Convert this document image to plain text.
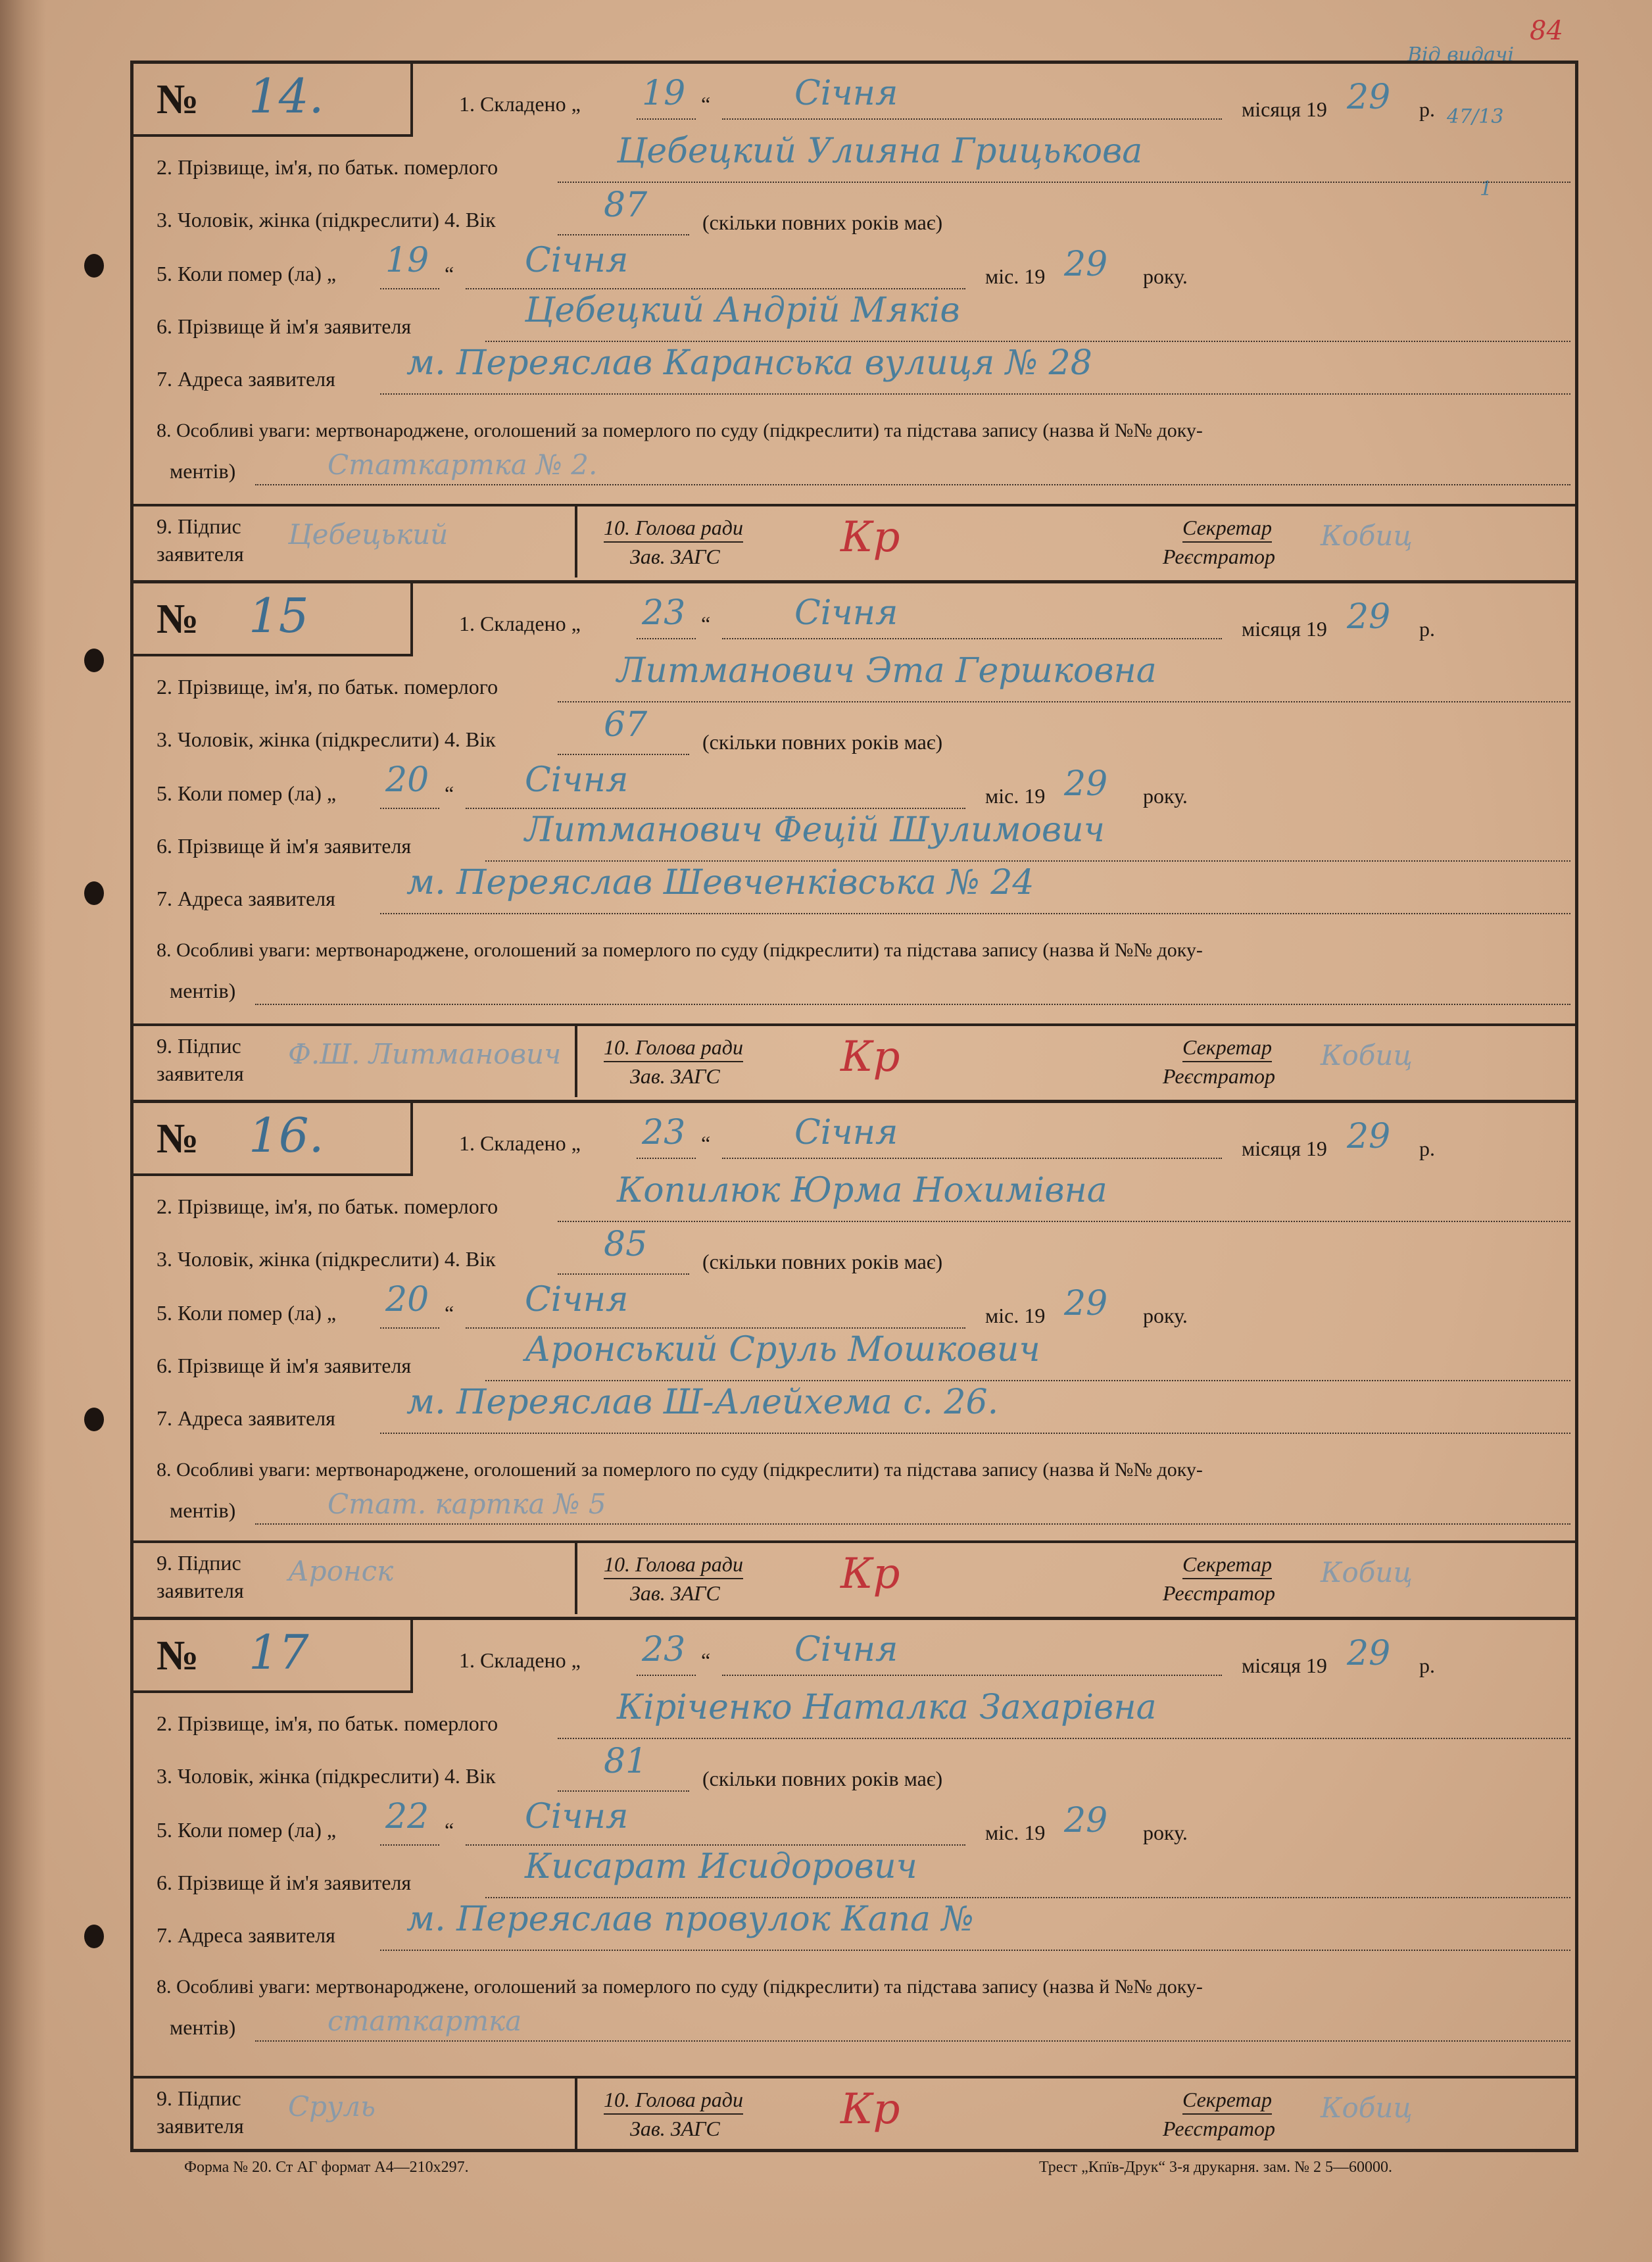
84
Від видачі
47/13
1
№ 14.	1. Складено „ 19 “ Січня	місяця 19 29 р.
2. Прізвище, ім'я, по батьк. померлого	Цебецкий Улияна Грицькова
3. Чоловік, жінка (підкреслити) 4. Вік	87	(скільки повних років має)
5. Коли помер (ла) „ 19 “ Січня	міс. 19 29 року.
6. Прізвище й ім'я заявителя	Цебецкий Андрій Мяків
7. Адреса заявителя м. Переяслав Каранська вулиця № 28
8. Особливі уваги: мертвонароджене, оголошений за померлого по суду (підкреслити) та підстава запису (назва й №№ доку-
ментів)	Статкартка № 2.
9. Підпис
заявителя
Цебецький	10. Голова ради
Зав. ЗАГС	Кр	Секретар
Реєстратор
Кобиц
№ 15	1. Складено „ 23 “ Січня	місяця 19 29 р.
2. Прізвище, ім'я, по батьк. померлого	Литманович Эта Гершковна
3. Чоловік, жінка (підкреслити) 4. Вік	67	(скільки повних років має)
5. Коли помер (ла) „ 20 “ Січня	міс. 19 29 року.
6. Прізвище й ім'я заявителя	Литманович Фецій Шулимович
7. Адреса заявителя м. Переяслав Шевченківська № 24
8. Особливі уваги: мертвонароджене, оголошений за померлого по суду (підкреслити) та підстава запису (назва й №№ доку-
ментів)
9. Підпис
заявителя
Ф.Ш. Литманович 10. Голова ради
Зав. ЗАГС	Кр	Секретар
Реєстратор
Кобиц
№ 16.	1. Складено „ 23 “ Січня	місяця 19 29 р.
2. Прізвище, ім'я, по батьк. померлого	Копилюк Юрма Нохимівна
3. Чоловік, жінка (підкреслити) 4. Вік	85	(скільки повних років має)
5. Коли помер (ла) „ 20 “ Січня	міс. 19 29 року.
6. Прізвище й ім'я заявителя	Аронський Сруль Мошкович
7. Адреса заявителя м. Переяслав Ш-Алейхема с. 26.
8. Особливі уваги: мертвонароджене, оголошений за померлого по суду (підкреслити) та підстава запису (назва й №№ доку-
ментів)	Стат. картка № 5
9. Підпис
заявителя
Аронск	10. Голова ради
Зав. ЗАГС	Кр	Секретар
Реєстратор
Кобиц
№ 17	1. Складено „ 23 “ Січня	місяця 19 29 р.
2. Прізвище, ім'я, по батьк. померлого	Кіріченко Наталка Захарівна
3. Чоловік, жінка (підкреслити) 4. Вік	81	(скільки повних років має)
5. Коли помер (ла) „ 22 “ Січня	міс. 19 29 року.
6. Прізвище й ім'я заявителя	Кисарат Исидорович
7. Адреса заявителя м. Переяслав провулок Капа №
8. Особливі уваги: мертвонароджене, оголошений за померлого по суду (підкреслити) та підстава запису (назва й №№ доку-
ментів)	статкартка
9. Підпис
заявителя
Сруль	10. Голова ради
Зав. ЗАГС	Кр	Секретар
Реєстратор
Кобиц
Форма № 20. Ст АГ формат А4—210х297.	Трест „Кпїв-Друк“ 3-я друкарня. зам. № 2 5—60000.
